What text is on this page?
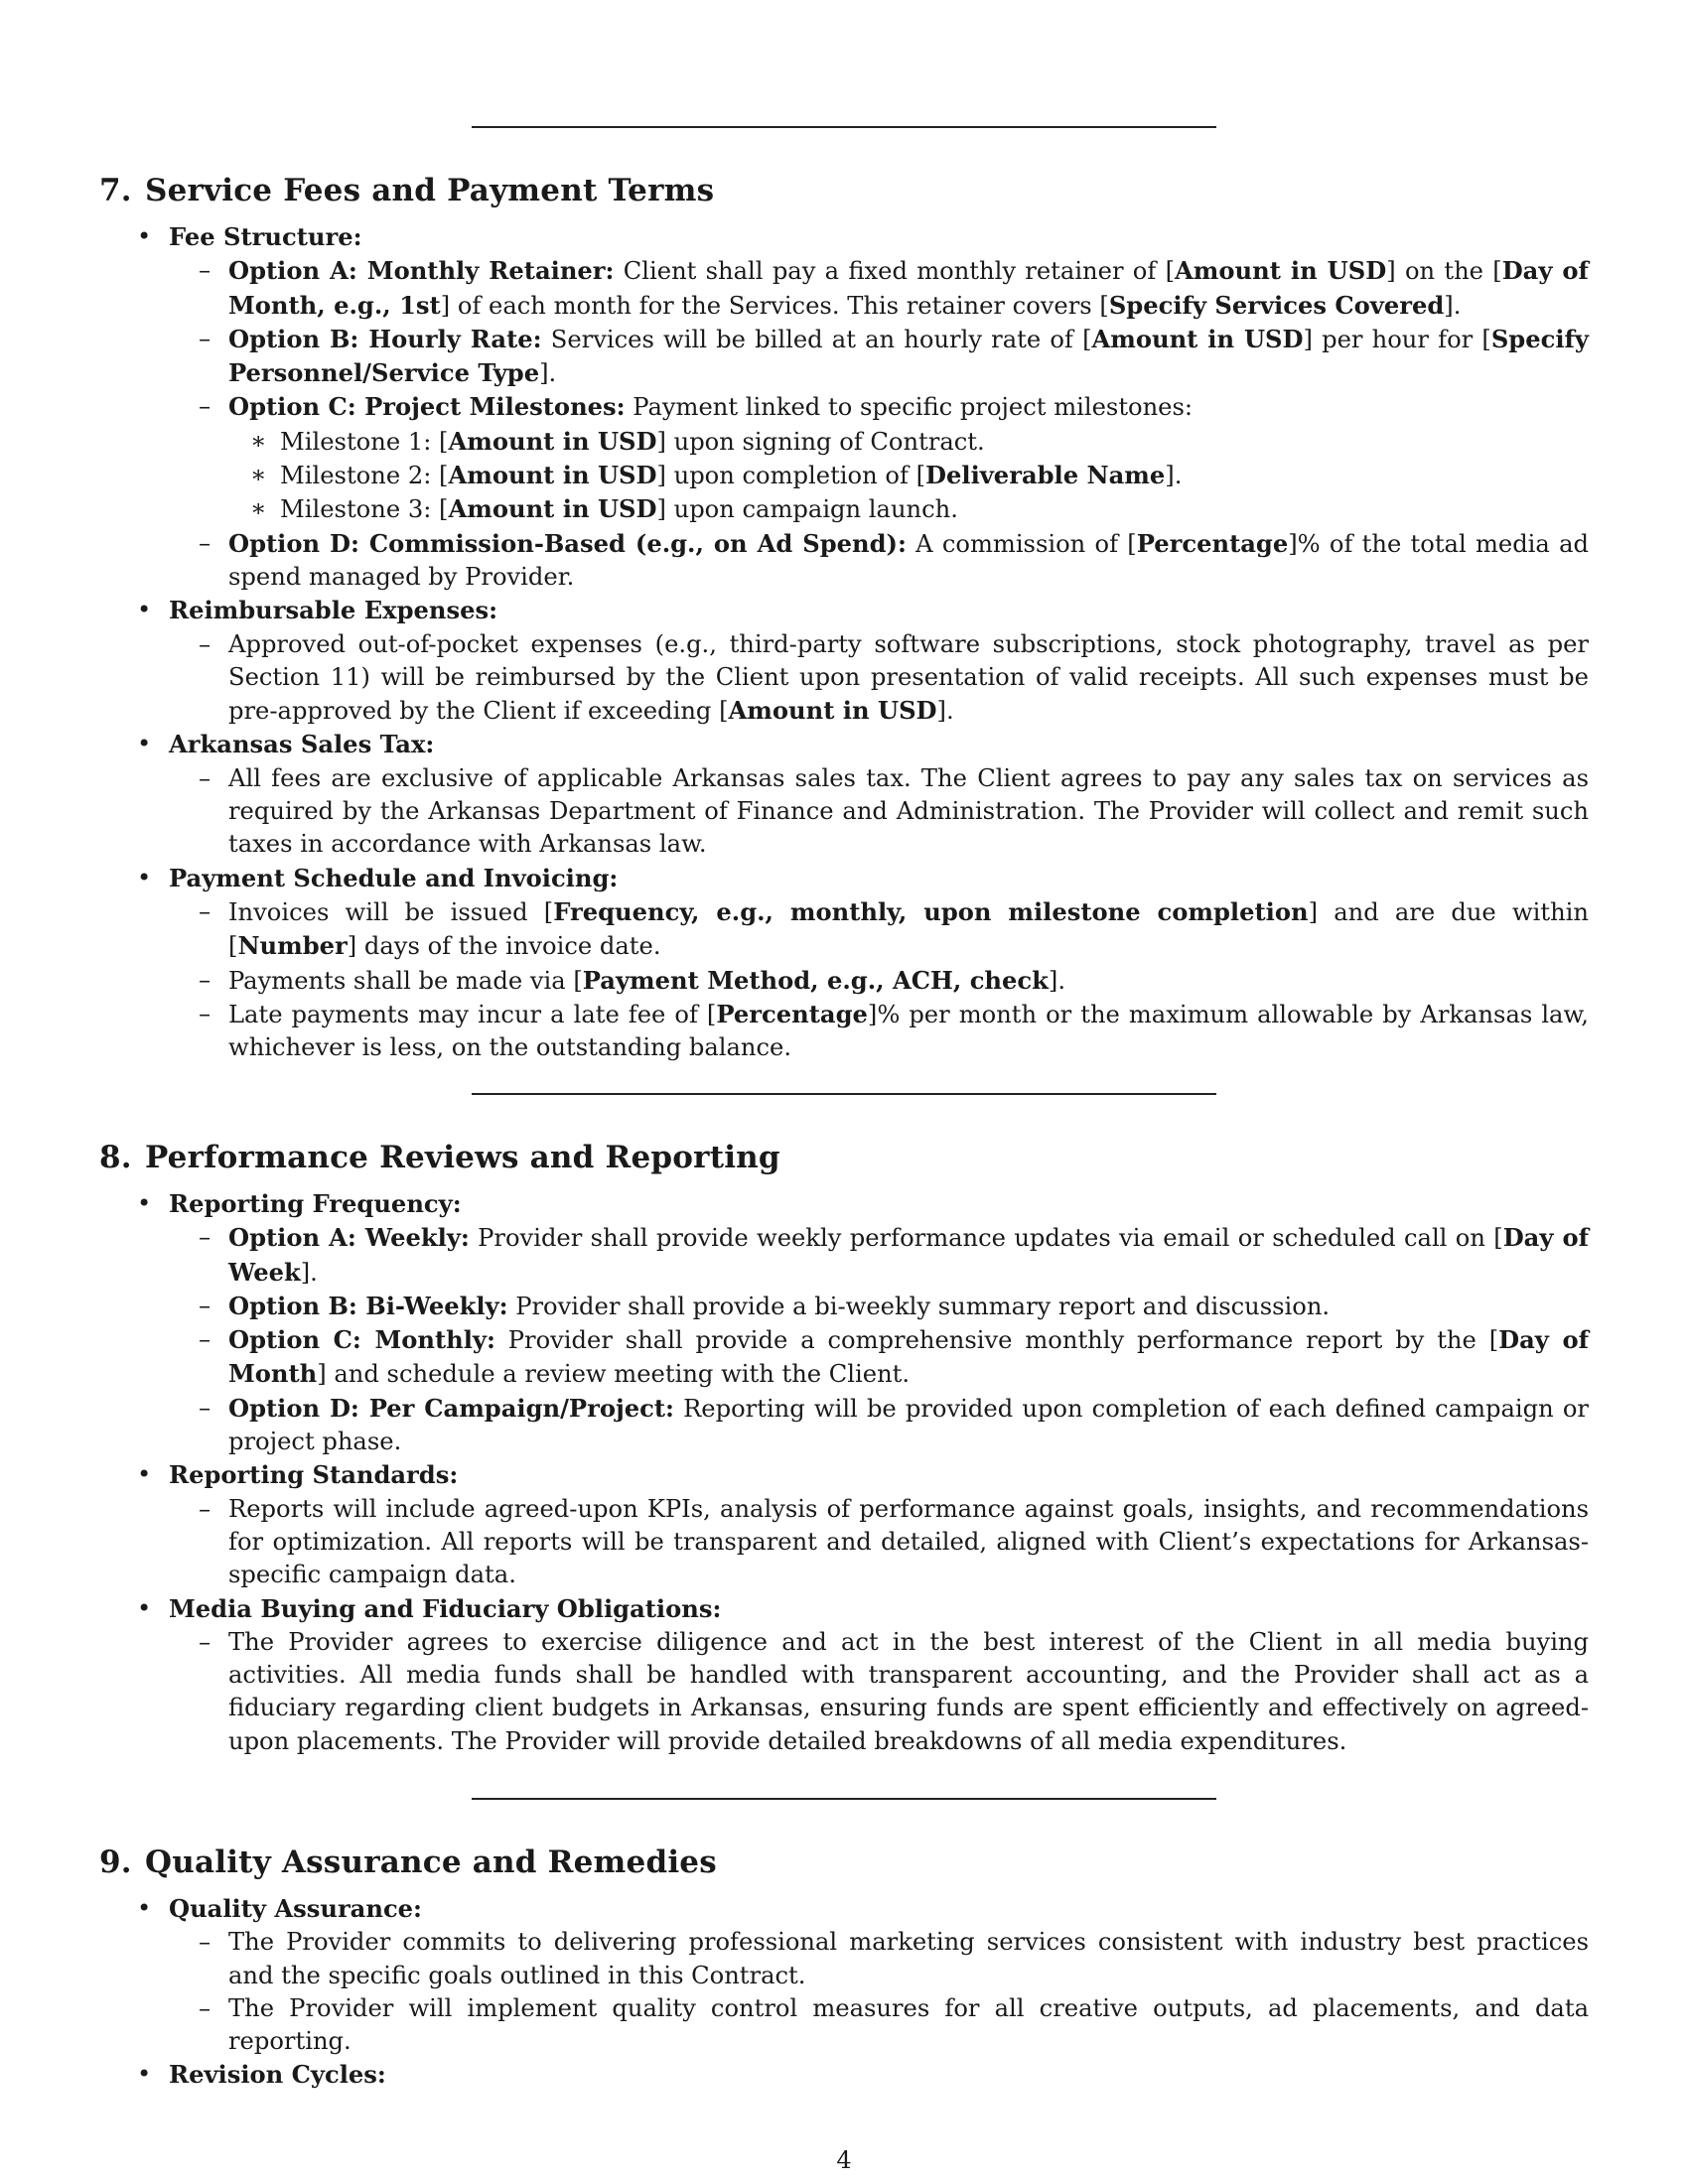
7. Service Fees and Payment Terms
• Fee Structure:
– Option A: Monthly Retainer: Client shall pay a fixed monthly retainer of [Amount in USD] on the [Day of Month, e.g., 1st] of each month for the Services. This retainer covers [Specify Services Covered].
– Option B: Hourly Rate: Services will be billed at an hourly rate of [Amount in USD] per hour for [Specify Personnel/Service Type].
– Option C: Project Milestones: Payment linked to specific project milestones:
∗ Milestone 1: [Amount in USD] upon signing of Contract.
∗ Milestone 2: [Amount in USD] upon completion of [Deliverable Name].
∗ Milestone 3: [Amount in USD] upon campaign launch.
– Option D: Commission-Based (e.g., on Ad Spend): A commission of [Percentage]% of the total media ad spend managed by Provider.
• Reimbursable Expenses:
– Approved out-of-pocket expenses (e.g., third-party software subscriptions, stock photography, travel as per Section 11) will be reimbursed by the Client upon presentation of valid receipts. All such expenses must be pre-approved by the Client if exceeding [Amount in USD].
• Arkansas Sales Tax:
– All fees are exclusive of applicable Arkansas sales tax. The Client agrees to pay any sales tax on services as required by the Arkansas Department of Finance and Administration. The Provider will collect and remit such taxes in accordance with Arkansas law.
• Payment Schedule and Invoicing:
– Invoices will be issued [Frequency, e.g., monthly, upon milestone completion] and are due within [Number] days of the invoice date.
– Payments shall be made via [Payment Method, e.g., ACH, check].
– Late payments may incur a late fee of [Percentage]% per month or the maximum allowable by Arkansas law, whichever is less, on the outstanding balance.
8. Performance Reviews and Reporting
• Reporting Frequency:
– Option A: Weekly: Provider shall provide weekly performance updates via email or scheduled call on [Day of Week].
– Option B: Bi-Weekly: Provider shall provide a bi-weekly summary report and discussion.
– Option C: Monthly: Provider shall provide a comprehensive monthly performance report by the [Day of Month] and schedule a review meeting with the Client.
– Option D: Per Campaign/Project: Reporting will be provided upon completion of each defined campaign or project phase.
• Reporting Standards:
– Reports will include agreed-upon KPIs, analysis of performance against goals, insights, and recommendations for optimization. All reports will be transparent and detailed, aligned with Client’s expectations for Arkansas-specific campaign data.
• Media Buying and Fiduciary Obligations:
– The Provider agrees to exercise diligence and act in the best interest of the Client in all media buying activities. All media funds shall be handled with transparent accounting, and the Provider shall act as a fiduciary regarding client budgets in Arkansas, ensuring funds are spent efficiently and effectively on agreed-upon placements. The Provider will provide detailed breakdowns of all media expenditures.
9. Quality Assurance and Remedies
• Quality Assurance:
– The Provider commits to delivering professional marketing services consistent with industry best practices and the specific goals outlined in this Contract.
– The Provider will implement quality control measures for all creative outputs, ad placements, and data reporting.
• Revision Cycles:
4
